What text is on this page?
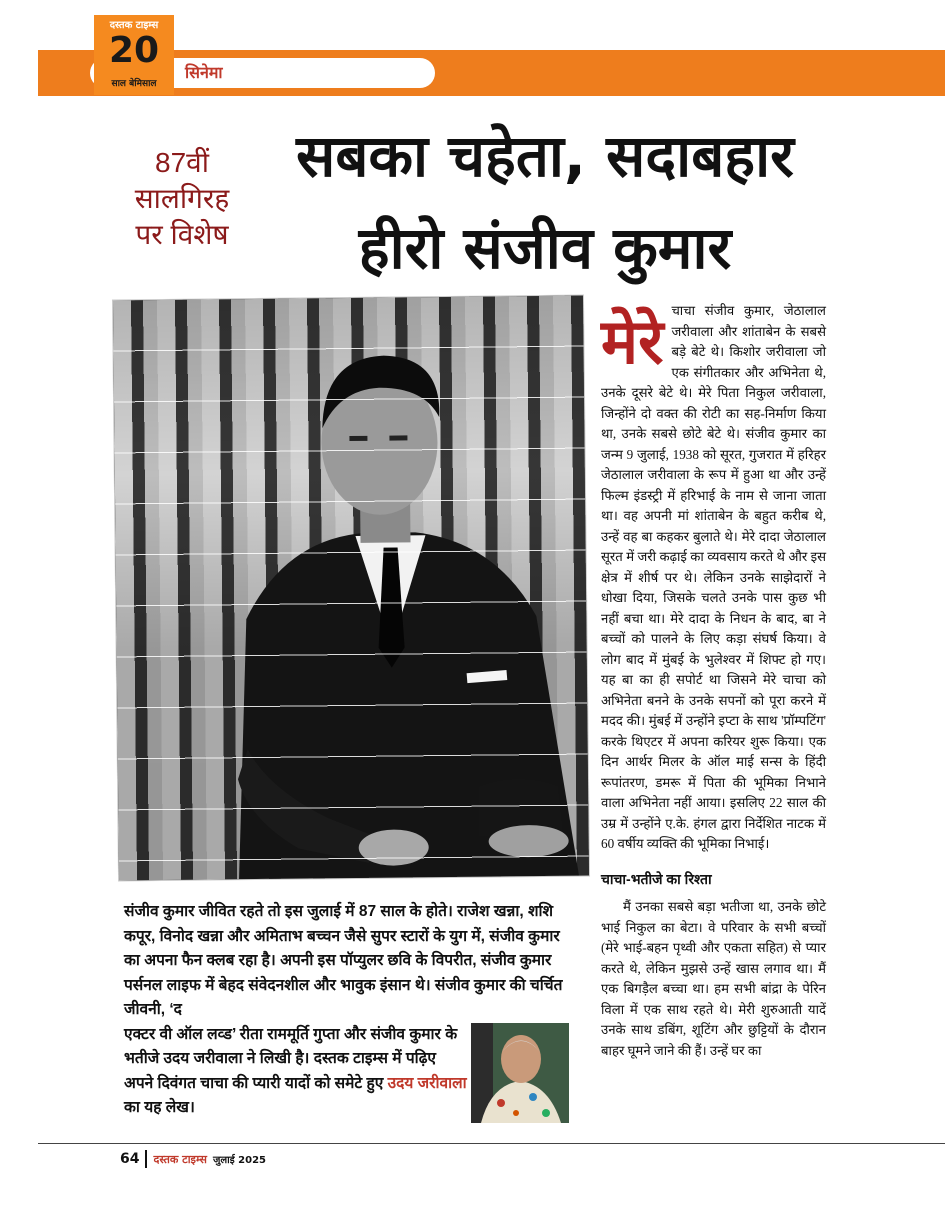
सिनेमा
दस्तक टाइम्स
20
साल बेमिसाल
87वीं
सालगिरह
पर विशेष
सबका चहेता, सदाबहार
हीरो संजीव कुमार
संजीव कुमार जीवित रहते तो इस जुलाई में 87 साल के होते। राजेश खन्ना, शशि कपूर, विनोद खन्ना और अमिताभ बच्चन जैसे सुपर स्टारों के युग में, संजीव कुमार का अपना फैन क्लब रहा है। अपनी इस पॉप्युलर छवि के विपरीत, संजीव कुमार पर्सनल लाइफ में बेहद संवेदनशील और भावुक इंसान थे। संजीव कुमार की चर्चित जीवनी, ‘द
एक्टर वी ऑल लव्ड’ रीता राममूर्ति गुप्ता और संजीव कुमार के भतीजे उदय जरीवाला ने लिखी है। दस्तक टाइम्स में पढ़िए अपने दिवंगत चाचा की प्यारी यादों को समेटे हुए उदय जरीवाला का यह लेख।
मेरे चाचा संजीव कुमार, जेठालाल जरीवाला और शांताबेन के सबसे बड़े बेटे थे। किशोर जरीवाला जो एक संगीतकार और अभिनेता थे, उनके दूसरे बेटे थे। मेरे पिता निकुल जरीवाला, जिन्होंने दो वक्त की रोटी का सह-निर्माण किया था, उनके सबसे छोटे बेटे थे। संजीव कुमार का जन्म 9 जुलाई, 1938 को सूरत, गुजरात में हरिहर जेठालाल जरीवाला के रूप में हुआ था और उन्हें फिल्म इंडस्ट्री में हरिभाई के नाम से जाना जाता था। वह अपनी मां शांताबेन के बहुत करीब थे, उन्हें वह बा कहकर बुलाते थे। मेरे दादा जेठालाल सूरत में जरी कढ़ाई का व्यवसाय करते थे और इस क्षेत्र में शीर्ष पर थे। लेकिन उनके साझेदारों ने धोखा दिया, जिसके चलते उनके पास कुछ भी नहीं बचा था। मेरे दादा के निधन के बाद, बा ने बच्चों को पालने के लिए कड़ा संघर्ष किया। वे लोग बाद में मुंबई के भुलेश्वर में शिफ्ट हो गए। यह बा का ही सपोर्ट था जिसने मेरे चाचा को अभिनेता बनने के उनके सपनों को पूरा करने में मदद की। मुंबई में उन्होंने इप्टा के साथ 'प्रॉम्पटिंग' करके थिएटर में अपना करियर शुरू किया। एक दिन आर्थर मिलर के ऑल माई सन्स के हिंदी रूपांतरण, डमरू में पिता की भूमिका निभाने वाला अभिनेता नहीं आया। इसलिए 22 साल की उम्र में उन्होंने ए.के. हंगल द्वारा निर्देशित नाटक में 60 वर्षीय व्यक्ति की भूमिका निभाई।
चाचा-भतीजे का रिश्ता
मैं उनका सबसे बड़ा भतीजा था, उनके छोटे भाई निकुल का बेटा। वे परिवार के सभी बच्चों (मेरे भाई-बहन पृथ्वी और एकता सहित) से प्यार करते थे, लेकिन मुझसे उन्हें खास लगाव था। मैं एक बिगड़ैल बच्चा था। हम सभी बांद्रा के पेरिन विला में एक साथ रहते थे। मेरी शुरुआती यादें उनके साथ डबिंग, शूटिंग और छुट्टियों के दौरान बाहर घूमने जाने की हैं। उन्हें घर का
64 दस्तक टाइम्स जुलाई 2025
